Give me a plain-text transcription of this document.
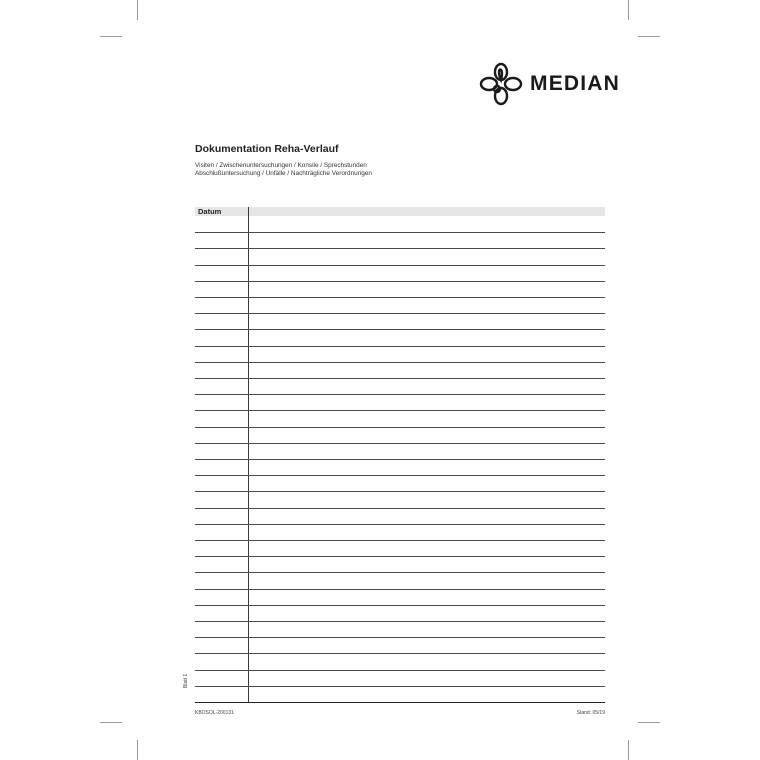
MEDIAN
Dokumentation Reha-Verlauf
Visiten / Zwischenuntersuchungen / Konsile / Sprechstunden
Abschlußuntersuchung / Unfälle / Nachträgliche Verordnungen
Datum
Blatt 1
KBOSOL-200131	Stand: 05/19
